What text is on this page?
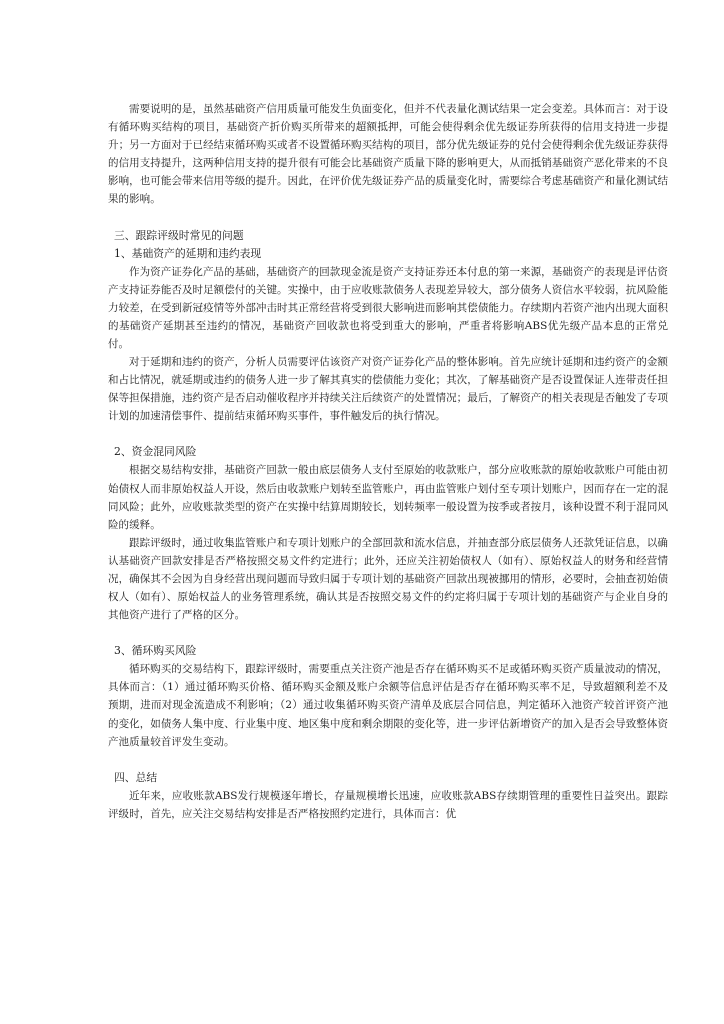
需要说明的是，虽然基础资产信用质量可能发生负面变化，但并不代表量化测试结果一定会变差。具体而言：对于设有循环购买结构的项目，基础资产折价购买所带来的超额抵押，可能会使得剩余优先级证券所获得的信用支持进一步提升；另一方面对于已经结束循环购买或者不设置循环购买结构的项目，部分优先级证券的兑付会使得剩余优先级证券获得的信用支持提升，这两种信用支持的提升很有可能会比基础资产质量下降的影响更大，从而抵销基础资产恶化带来的不良影响，也可能会带来信用等级的提升。因此，在评价优先级证券产品的质量变化时，需要综合考虑基础资产和量化测试结果的影响。

三、跟踪评级时常见的问题
1、基础资产的延期和违约表现

作为资产证券化产品的基础，基础资产的回款现金流是资产支持证券还本付息的第一来源，基础资产的表现是评估资产支持证券能否及时足额偿付的关键。实操中，由于应收账款债务人表现差异较大，部分债务人资信水平较弱，抗风险能力较差，在受到新冠疫情等外部冲击时其正常经营将受到很大影响进而影响其偿债能力。存续期内若资产池内出现大面积的基础资产延期甚至违约的情况，基础资产回收款也将受到重大的影响，严重者将影响ABS优先级产品本息的正常兑付。

对于延期和违约的资产，分析人员需要评估该资产对资产证券化产品的整体影响。首先应统计延期和违约资产的金额和占比情况，就延期或违约的债务人进一步了解其真实的偿债能力变化；其次，了解基础资产是否设置保证人连带责任担保等担保措施，违约资产是否启动催收程序并持续关注后续资产的处置情况；最后，了解资产的相关表现是否触发了专项计划的加速清偿事件、提前结束循环购买事件，事件触发后的执行情况。

2、资金混同风险

根据交易结构安排，基础资产回款一般由底层债务人支付至原始的收款账户，部分应收账款的原始收款账户可能由初始债权人而非原始权益人开设，然后由收款账户划转至监管账户，再由监管账户划付至专项计划账户，因而存在一定的混同风险；此外，应收账款类型的资产在实操中结算周期较长，划转频率一般设置为按季或者按月，该种设置不利于混同风险的缓释。

跟踪评级时，通过收集监管账户和专项计划账户的全部回款和流水信息，并抽查部分底层债务人还款凭证信息，以确认基础资产回款安排是否严格按照交易文件约定进行；此外，还应关注初始债权人（如有）、原始权益人的财务和经营情况，确保其不会因为自身经营出现问题而导致归属于专项计划的基础资产回款出现被挪用的情形，必要时，会抽查初始债权人（如有）、原始权益人的业务管理系统，确认其是否按照交易文件的约定将归属于专项计划的基础资产与企业自身的其他资产进行了严格的区分。

3、循环购买风险

循环购买的交易结构下，跟踪评级时，需要重点关注资产池是否存在循环购买不足或循环购买资产质量波动的情况，具体而言：（1）通过循环购买价格、循环购买金额及账户余额等信息评估是否存在循环购买率不足，导致超额利差不及预期，进而对现金流造成不利影响；（2）通过收集循环购买资产清单及底层合同信息，判定循环入池资产较首评资产池的变化，如债务人集中度、行业集中度、地区集中度和剩余期限的变化等，进一步评估新增资产的加入是否会导致整体资产池质量较首评发生变动。

四、总结

近年来，应收账款ABS发行规模逐年增长，存量规模增长迅速，应收账款ABS存续期管理的重要性日益突出。跟踪评级时，首先，应关注交易结构安排是否严格按照约定进行，具体而言：优
